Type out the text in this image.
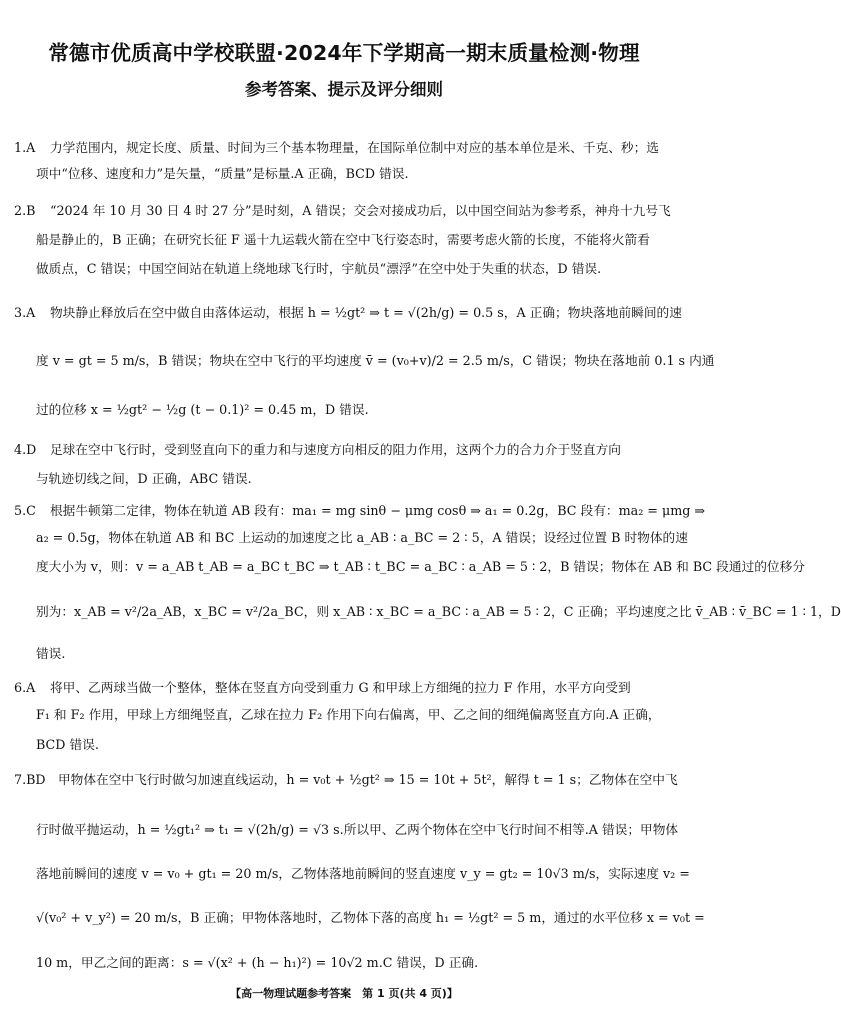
常德市优质高中学校联盟·2024年下学期高一期末质量检测·物理
参考答案、提示及评分细则
1.A 力学范围内，规定长度、质量、时间为三个基本物理量，在国际单位制中对应的基本单位是米、千克、秒；选
项中“位移、速度和力”是矢量，“质量”是标量.A 正确，BCD 错误.
2.B “2024 年 10 月 30 日 4 时 27 分”是时刻，A 错误；交会对接成功后，以中国空间站为参考系，神舟十九号飞
船是静止的，B 正确；在研究长征 F 遥十九运载火箭在空中飞行姿态时，需要考虑火箭的长度，不能将火箭看
做质点，C 错误；中国空间站在轨道上绕地球飞行时，宇航员“漂浮”在空中处于失重的状态，D 错误.
3.A 物块静止释放后在空中做自由落体运动，根据 h = ½gt² ⇒ t = √(2h/g) = 0.5 s，A 正确；物块落地前瞬间的速
度 v = gt = 5 m/s，B 错误；物块在空中飞行的平均速度 v̄ = (v₀+v)/2 = 2.5 m/s，C 错误；物块在落地前 0.1 s 内通
过的位移 x = ½gt² − ½g (t − 0.1)² = 0.45 m，D 错误.
4.D 足球在空中飞行时，受到竖直向下的重力和与速度方向相反的阻力作用，这两个力的合力介于竖直方向
与轨迹切线之间，D 正确，ABC 错误.
5.C 根据牛顿第二定律，物体在轨道 AB 段有：ma₁ = mg sinθ − μmg cosθ ⇒ a₁ = 0.2g，BC 段有：ma₂ = μmg ⇒
a₂ = 0.5g，物体在轨道 AB 和 BC 上运动的加速度之比 a_AB ∶ a_BC = 2 ∶ 5，A 错误；设经过位置 B 时物体的速
度大小为 v，则：v = a_AB t_AB = a_BC t_BC ⇒ t_AB ∶ t_BC = a_BC ∶ a_AB = 5 ∶ 2，B 错误；物体在 AB 和 BC 段通过的位移分
别为：x_AB = v²/2a_AB，x_BC = v²/2a_BC，则 x_AB ∶ x_BC = a_BC ∶ a_AB = 5 ∶ 2，C 正确；平均速度之比 v̄_AB ∶ v̄_BC = 1 ∶ 1，D
错误.
6.A 将甲、乙两球当做一个整体，整体在竖直方向受到重力 G 和甲球上方细绳的拉力 F 作用，水平方向受到
F₁ 和 F₂ 作用，甲球上方细绳竖直，乙球在拉力 F₂ 作用下向右偏离，甲、乙之间的细绳偏离竖直方向.A 正确，
BCD 错误.
7.BD 甲物体在空中飞行时做匀加速直线运动，h = v₀t + ½gt² ⇒ 15 = 10t + 5t²，解得 t = 1 s；乙物体在空中飞
行时做平抛运动，h = ½gt₁² ⇒ t₁ = √(2h/g) = √3 s.所以甲、乙两个物体在空中飞行时间不相等.A 错误；甲物体
落地前瞬间的速度 v = v₀ + gt₁ = 20 m/s，乙物体落地前瞬间的竖直速度 v_y = gt₂ = 10√3 m/s，实际速度 v₂ =
√(v₀² + v_y²) = 20 m/s，B 正确；甲物体落地时，乙物体下落的高度 h₁ = ½gt² = 5 m，通过的水平位移 x = v₀t =
10 m，甲乙之间的距离：s = √(x² + (h − h₁)²) = 10√2 m.C 错误，D 正确.
【高一物理试题参考答案　第 1 页(共 4 页)】
